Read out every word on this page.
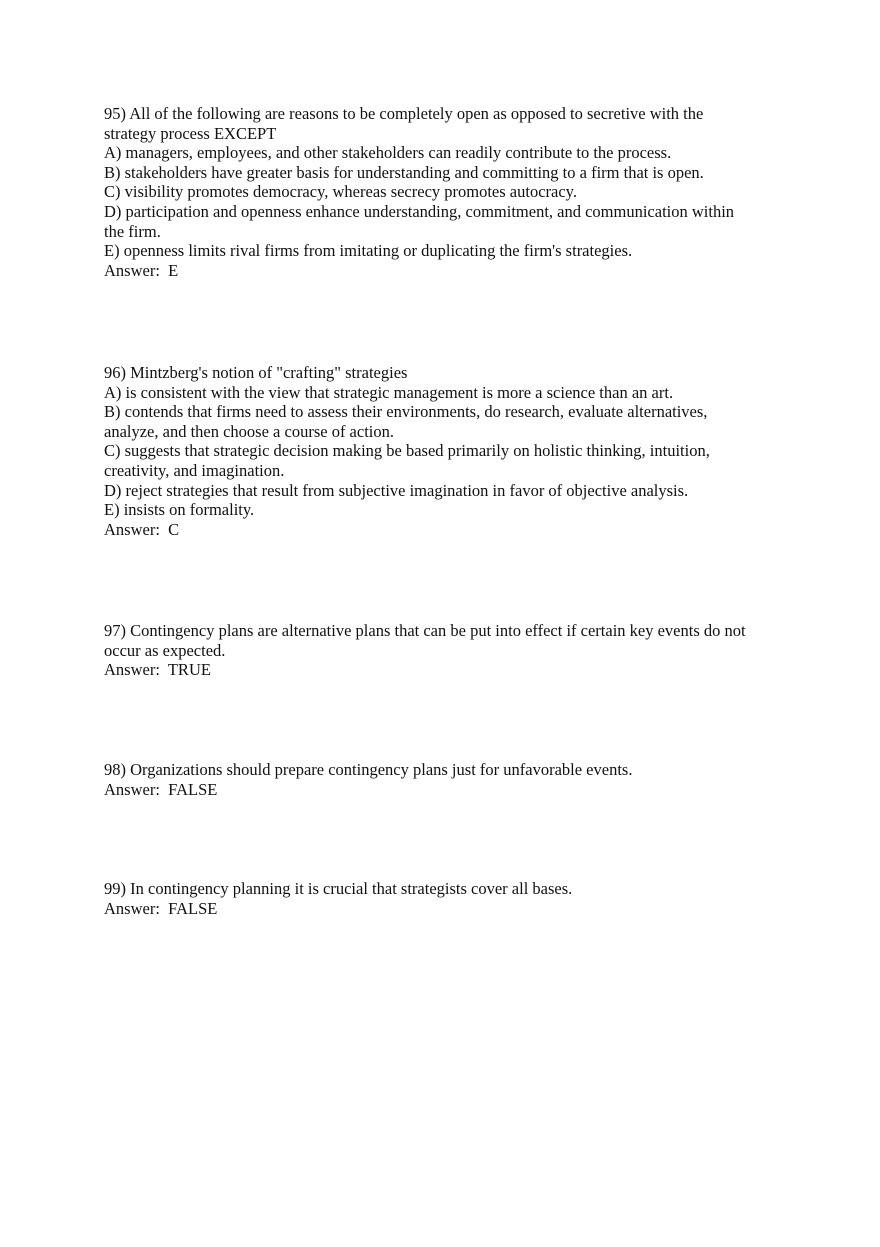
95) All of the following are reasons to be completely open as opposed to secretive with the
strategy process EXCEPT
A) managers, employees, and other stakeholders can readily contribute to the process.
B) stakeholders have greater basis for understanding and committing to a firm that is open.
C) visibility promotes democracy, whereas secrecy promotes autocracy.
D) participation and openness enhance understanding, commitment, and communication within
the firm.
E) openness limits rival firms from imitating or duplicating the firm's strategies.
Answer:  E
96) Mintzberg's notion of "crafting" strategies
A) is consistent with the view that strategic management is more a science than an art.
B) contends that firms need to assess their environments, do research, evaluate alternatives,
analyze, and then choose a course of action.
C) suggests that strategic decision making be based primarily on holistic thinking, intuition,
creativity, and imagination.
D) reject strategies that result from subjective imagination in favor of objective analysis.
E) insists on formality.
Answer:  C
97) Contingency plans are alternative plans that can be put into effect if certain key events do not
occur as expected.
Answer:  TRUE
98) Organizations should prepare contingency plans just for unfavorable events.
Answer:  FALSE
99) In contingency planning it is crucial that strategists cover all bases.
Answer:  FALSE
